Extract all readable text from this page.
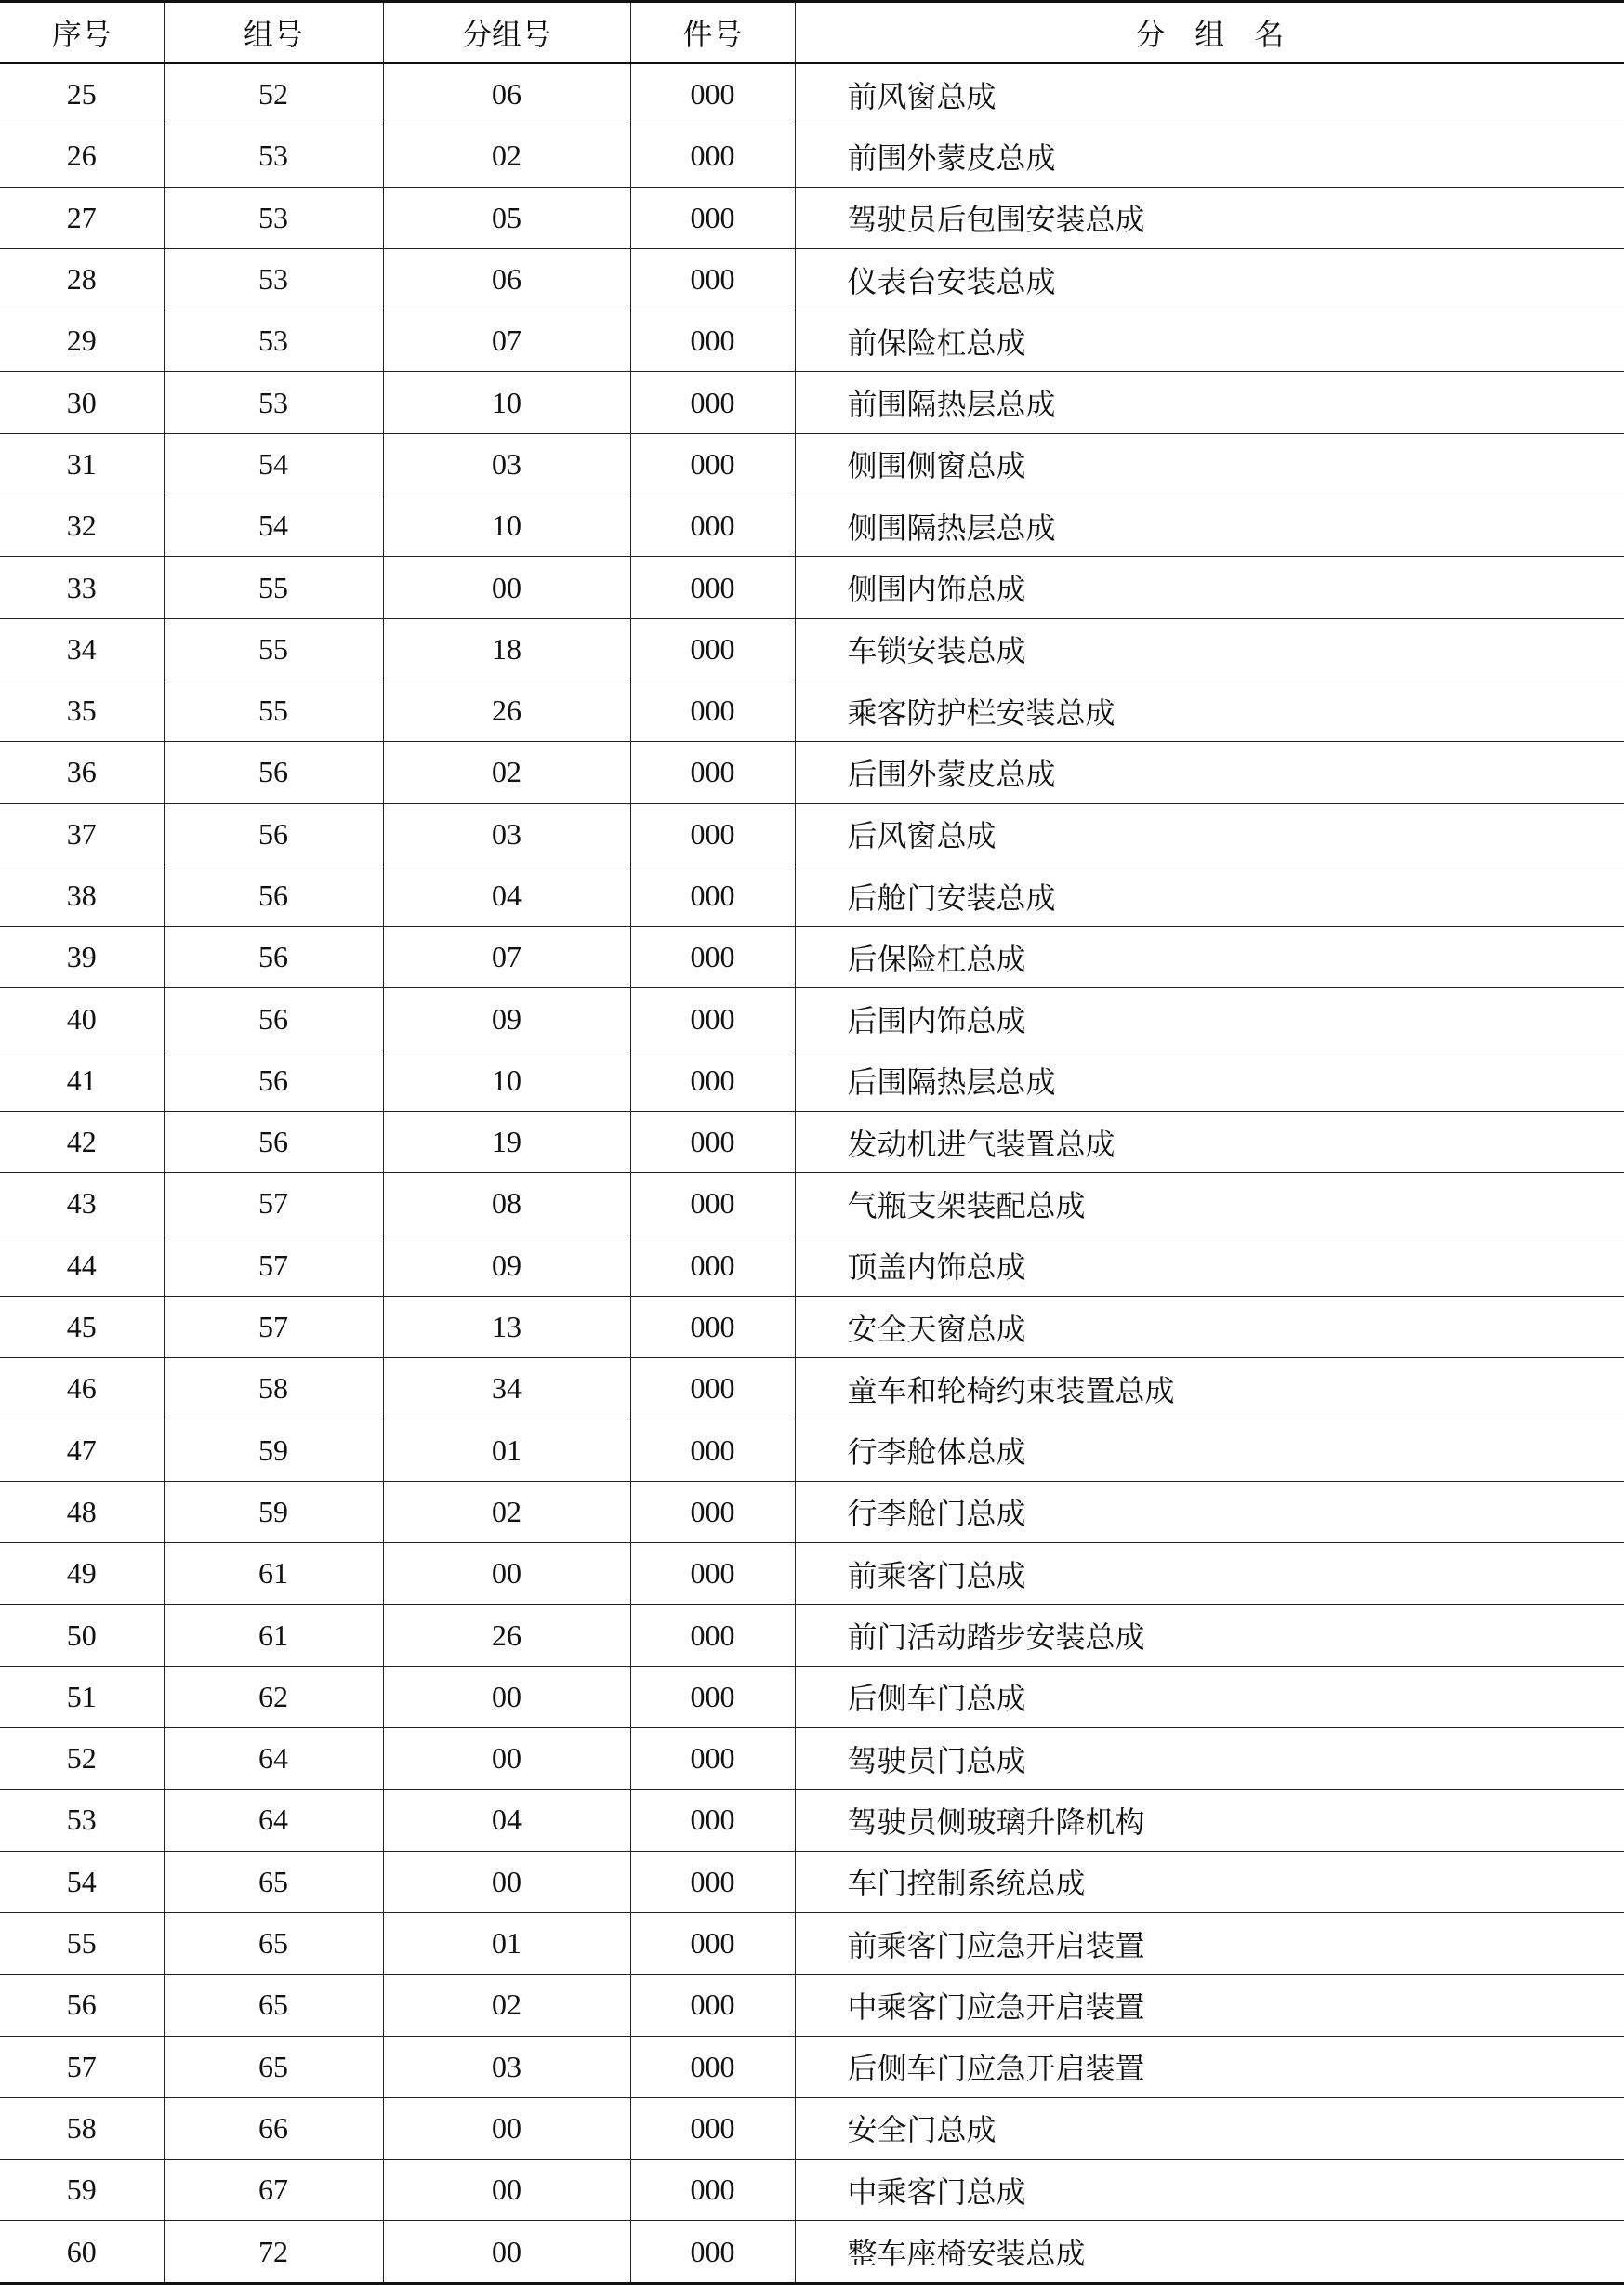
序号	组号	分组号	件号	分　组　名
25	52	06	000	前风窗总成
26	53	02	000	前围外蒙皮总成
27	53	05	000	驾驶员后包围安装总成
28	53	06	000	仪表台安装总成
29	53	07	000	前保险杠总成
30	53	10	000	前围隔热层总成
31	54	03	000	侧围侧窗总成
32	54	10	000	侧围隔热层总成
33	55	00	000	侧围内饰总成
34	55	18	000	车锁安装总成
35	55	26	000	乘客防护栏安装总成
36	56	02	000	后围外蒙皮总成
37	56	03	000	后风窗总成
38	56	04	000	后舱门安装总成
39	56	07	000	后保险杠总成
40	56	09	000	后围内饰总成
41	56	10	000	后围隔热层总成
42	56	19	000	发动机进气装置总成
43	57	08	000	气瓶支架装配总成
44	57	09	000	顶盖内饰总成
45	57	13	000	安全天窗总成
46	58	34	000	童车和轮椅约束装置总成
47	59	01	000	行李舱体总成
48	59	02	000	行李舱门总成
49	61	00	000	前乘客门总成
50	61	26	000	前门活动踏步安装总成
51	62	00	000	后侧车门总成
52	64	00	000	驾驶员门总成
53	64	04	000	驾驶员侧玻璃升降机构
54	65	00	000	车门控制系统总成
55	65	01	000	前乘客门应急开启装置
56	65	02	000	中乘客门应急开启装置
57	65	03	000	后侧车门应急开启装置
58	66	00	000	安全门总成
59	67	00	000	中乘客门总成
60	72	00	000	整车座椅安装总成
